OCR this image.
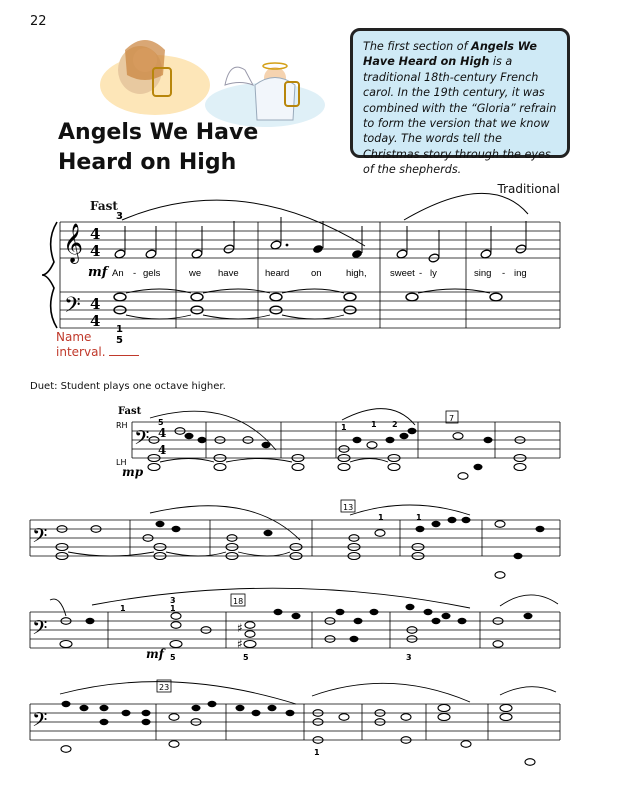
22
Angels We Have
Heard on High
The first section of Angels We Have Heard on High is a traditional 18th-century French carol. In the 19th century, it was combined with the “Gloria” refrain to form the version that we know today. The words tell the Christmas story through the eyes of the shepherds.
Traditional
Fast
Name
interval.
Duet: Student plays one octave higher.
𝄞
𝄢
4
4
4
4
3
mf An - gels	we have	heard on	high, sweet - ly	sing - ing
1
5
𝄢 4
4
Fast
RH
LH
mp
5
1	1 2
7
𝄢
13
1	1
𝄢
18
mf
3
1
5	5	3
1
♯
♯
𝄢
23
1
